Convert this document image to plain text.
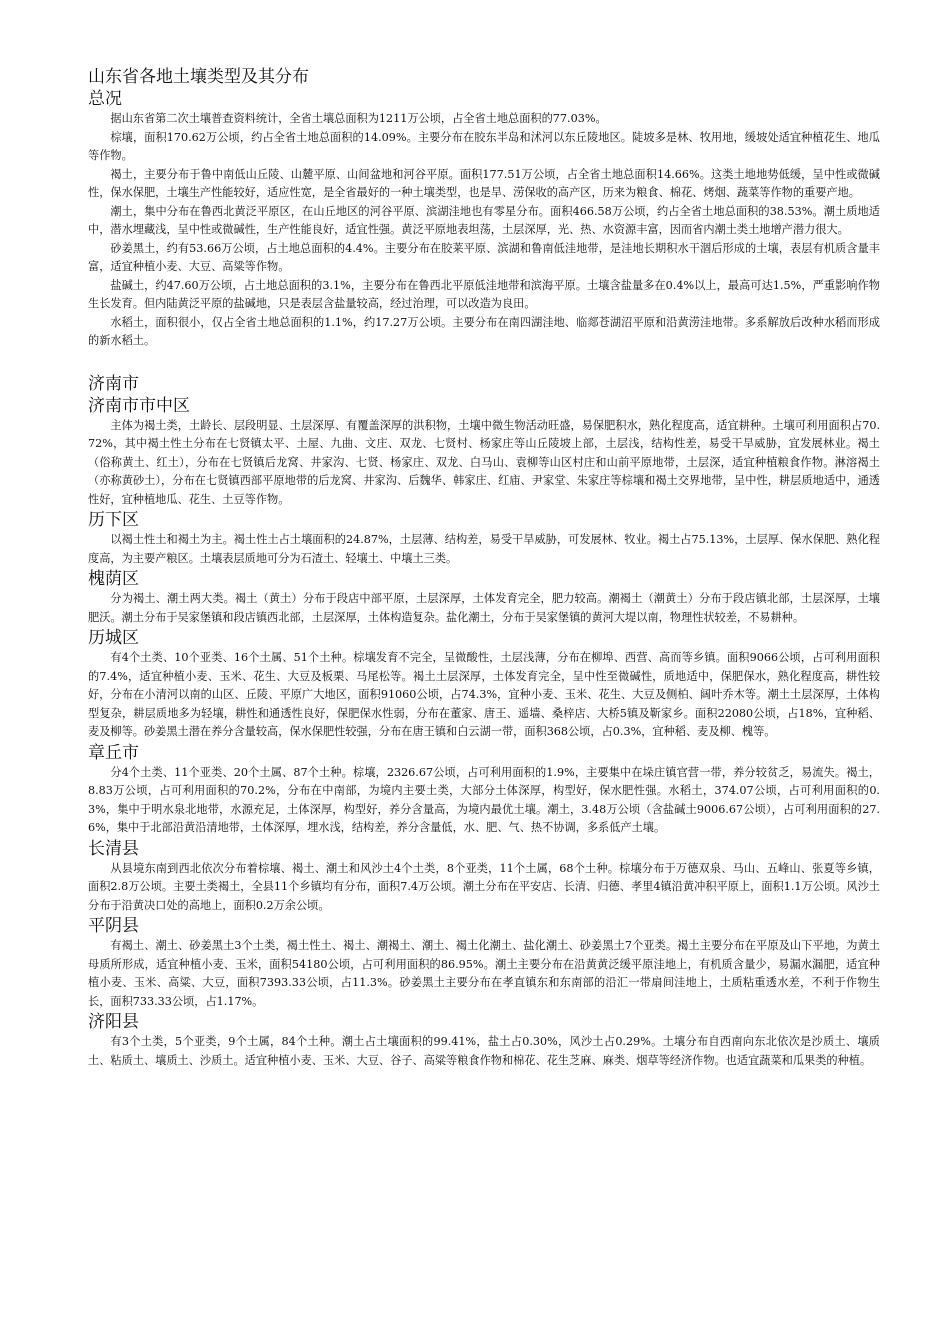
山东省各地土壤类型及其分布
总况

据山东省第二次土壤普查资料统计，全省土壤总面积为1211万公顷，占全省土地总面积的77.03%。

棕壤，面积170.62万公顷，约占全省土地总面积的14.09%。主要分布在胶东半岛和沭河以东丘陵地区。陡坡多是林、牧用地，缓坡处适宜种植花生、地瓜等作物。

褐土，主要分布于鲁中南低山丘陵、山麓平原、山间盆地和河谷平原。面积177.51万公顷，占全省土地总面积14.66%。这类土地地势低缓，呈中性或微碱性，保水保肥，土壤生产性能较好，适应性宽，是全省最好的一种土壤类型，也是旱、涝保收的高产区，历来为粮食、棉花、烤烟、蔬菜等作物的重要产地。

潮土，集中分布在鲁西北黄泛平原区，在山丘地区的河谷平原、滨湖洼地也有零星分布。面积466.58万公顷，约占全省土地总面积的38.53%。潮土质地适中，潜水埋藏浅，呈中性或微碱性，生产性能良好，适宜性强。黄泛平原地表坦荡，土层深厚，光、热、水资源丰富，因而省内潮土类土地增产潜力很大。

砂姜黑土，约有53.66万公顷，占土地总面积的4.4%。主要分布在胶莱平原、滨湖和鲁南低洼地带，是洼地长期积水干涸后形成的土壤，表层有机质含量丰富，适宜种植小麦、大豆、高粱等作物。

盐碱土，约47.60万公顷，占土地总面积的3.1%，主要分布在鲁西北平原低洼地带和滨海平原。土壤含盐量多在0.4%以上，最高可达1.5%，严重影响作物生长发育。但内陆黄泛平原的盐碱地，只是表层含盐量较高，经过治理，可以改造为良田。

水稻土，面积很小，仅占全省土地总面积的1.1%，约17.27万公顷。主要分布在南四湖洼地、临郯苍湖沼平原和沿黄涝洼地带。多系解放后改种水稻而形成的新水稻土。

济南市
济南市市中区

主体为褐土类，土龄长、层段明显、土层深厚、有覆盖深厚的洪积物，土壤中微生物活动旺盛，易保肥积水，熟化程度高，适宜耕种。土壤可利用面积占70.72%，其中褐土性土分布在七贤镇太平、土屋、九曲、文庄、双龙、七贤村、杨家庄等山丘陵坡上部，土层浅，结构性差，易受干旱威胁，宜发展林业。褐土（俗称黄土、红土），分布在七贤镇后龙窝、井家沟、七贤、杨家庄、双龙、白马山、袁柳等山区村庄和山前平原地带，土层深，适宜种植粮食作物。淋溶褐土（亦称黄砂土），分布在七贤镇西部平原地带的后龙窝、井家沟、后魏华、韩家庄、红庙、尹家堂、朱家庄等棕壤和褐土交界地带，呈中性，耕层质地适中，通透性好，宜种植地瓜、花生、土豆等作物。

历下区

以褐土性土和褐土为主。褐土性土占土壤面积的24.87%，土层薄、结构差，易受干旱威胁，可发展林、牧业。褐土占75.13%，土层厚、保水保肥、熟化程度高，为主要产粮区。土壤表层质地可分为石渣土、轻壤土、中壤土三类。

槐荫区

分为褐土、潮土两大类。褐土（黄土）分布于段店中部平原，土层深厚，土体发育完全，肥力较高。潮褐土（潮黄土）分布于段店镇北部，土层深厚，土壤肥沃。潮土分布于吴家堡镇和段店镇西北部，土层深厚，土体构造复杂。盐化潮土，分布于吴家堡镇的黄河大堤以南，物理性状较差，不易耕种。

历城区

有4个土类、10个亚类、16个土属、51个土种。棕壤发育不完全，呈微酸性，土层浅薄，分布在柳埠、西营、高而等乡镇。面积9066公顷，占可利用面积的7.4%，适宜种植小麦、玉米、花生、大豆及板栗、马尾松等。褐土土层深厚，土体发育完全，呈中性至微碱性，质地适中，保肥保水，熟化程度高，耕性较好，分布在小清河以南的山区、丘陵、平原广大地区，面积91060公顷，占74.3%，宜种小麦、玉米、花生、大豆及侧柏、阔叶乔木等。潮土土层深厚，土体构型复杂，耕层质地多为轻壤，耕性和通透性良好，保肥保水性弱，分布在董家、唐王、遥墙、桑梓店、大桥5镇及靳家乡。面积22080公顷，占18%，宜种稻、麦及柳等。砂姜黑土潜在养分含量较高，保水保肥性较强，分布在唐王镇和白云湖一带，面积368公顷，占0.3%，宜种稻、麦及柳、槐等。

章丘市

分4个土类、11个亚类、20个土属、87个土种。棕壤，2326.67公顷，占可利用面积的1.9%，主要集中在垛庄镇官营一带，养分较贫乏，易流失。褐土，8.83万公顷，占可利用面积的70.2%，分布在中南部，为境内主要土类，大部分土体深厚，构型好，保水肥性强。水稻土，374.07公顷，占可利用面积的0.3%，集中于明水泉北地带，水源充足，土体深厚，构型好，养分含量高，为境内最优土壤。潮土，3.48万公顷（含盐碱土9006.67公顷），占可利用面积的27.6%，集中于北部沿黄沿清地带，土体深厚，埋水浅，结构差，养分含量低，水、肥、气、热不协调，多系低产土壤。

长清县

从县境东南到西北依次分布着棕壤、褐土、潮土和风沙土4个土类，8个亚类，11个土属，68个土种。棕壤分布于万德双泉、马山、五峰山、张夏等乡镇，面积2.8万公顷。主要土类褐土，全县11个乡镇均有分布，面积7.4万公顷。潮土分布在平安店、长清、归德、孝里4镇沿黄冲积平原上，面积1.1万公顷。风沙土分布于沿黄决口处的高地上，面积0.2万余公顷。

平阴县

有褐土、潮土、砂姜黑土3个土类，褐土性土、褐土、潮褐土、潮土、褐土化潮土、盐化潮土、砂姜黑土7个亚类。褐土主要分布在平原及山下平地，为黄土母质所形成，适宜种植小麦、玉米，面积54180公顷，占可利用面积的86.95%。潮土主要分布在沿黄黄泛缓平原洼地上，有机质含量少，易漏水漏肥，适宜种植小麦、玉米、高粱、大豆，面积7393.33公顷，占11.3%。砂姜黑土主要分布在孝直镇东和东南部的沿汇一带扇间洼地上，土质粘重透水差，不利于作物生长，面积733.33公顷，占1.17%。

济阳县

有3个土类，5个亚类，9个土属，84个土种。潮土占土壤面积的99.41%，盐土占0.30%，风沙土占0.29%。土壤分布自西南向东北依次是沙质土、壤质土、粘质土、壤质土、沙质土。适宜种植小麦、玉米、大豆、谷子、高粱等粮食作物和棉花、花生芝麻、麻类、烟草等经济作物。也适宜蔬菜和瓜果类的种植。
